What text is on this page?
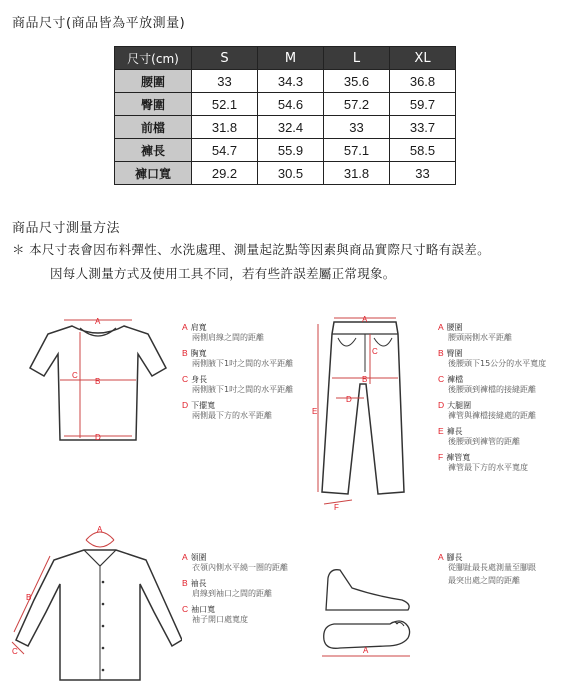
商品尺寸(商品皆為平放測量)
尺寸(cm)	S	M	L	XL
腰圍	33	34.3	35.6	36.8
臀圍	52.1	54.6	57.2	59.7
前檔	31.8	32.4	33	33.7
褲長	54.7	55.9	57.1	58.5
褲口寬	29.2	30.5	31.8	33
商品尺寸測量方法
＊ 本尺寸表會因布料彈性、水洗處理、測量起訖點等因素與商品實際尺寸略有誤差。
因每人測量方式及使用工具不同，若有些許誤差屬正常現象。
A
B
C
D
A 肩寬
兩側肩線之間的距離
B 胸寬
兩側腋下1吋之間的水平距離
C 身長
兩側腋下1吋之間的水平距離
D 下擺寬
兩側最下方的水平距離
A
B
C
D
E
F
A 腰圍
腰頭兩側水平距離
B 臀圍
後腰頭下15公分的水平寬度
C 褲檔
後腰頭到褲檔的接縫距離
D 大腿圍
褲管與褲檔接縫處的距離
E 褲長
後腰頭到褲管的距離
F 褲管寬
褲管最下方的水平寬度
A
B
C
A 領圍
衣領內側水平繞一圈的距離
B 袖長
肩線到袖口之間的距離
C 袖口寬
袖子開口處寬度
A
A 腳長
從腳趾最長處測量至腳跟
最突出處之間的距離
